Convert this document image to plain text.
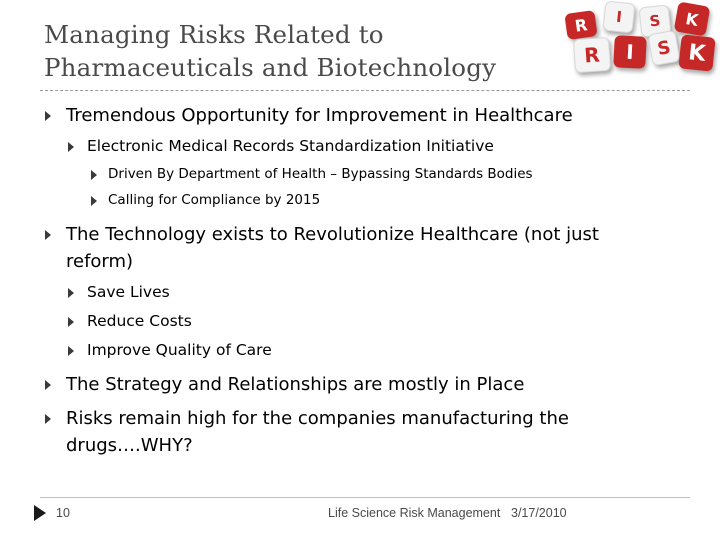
Managing Risks Related to
Pharmaceuticals and Biotechnology
R	I	S	K
R	I	S K
Tremendous Opportunity for Improvement in Healthcare
Electronic Medical Records Standardization Initiative
Driven By Department of Health – Bypassing Standards Bodies
Calling for Compliance by 2015
The Technology exists to Revolutionize Healthcare (not just
reform)
Save Lives
Reduce Costs
Improve Quality of Care
The Strategy and Relationships are mostly in Place
Risks remain high for the companies manufacturing the
drugs….WHY?
10	Life Science Risk Management 3/17/2010
